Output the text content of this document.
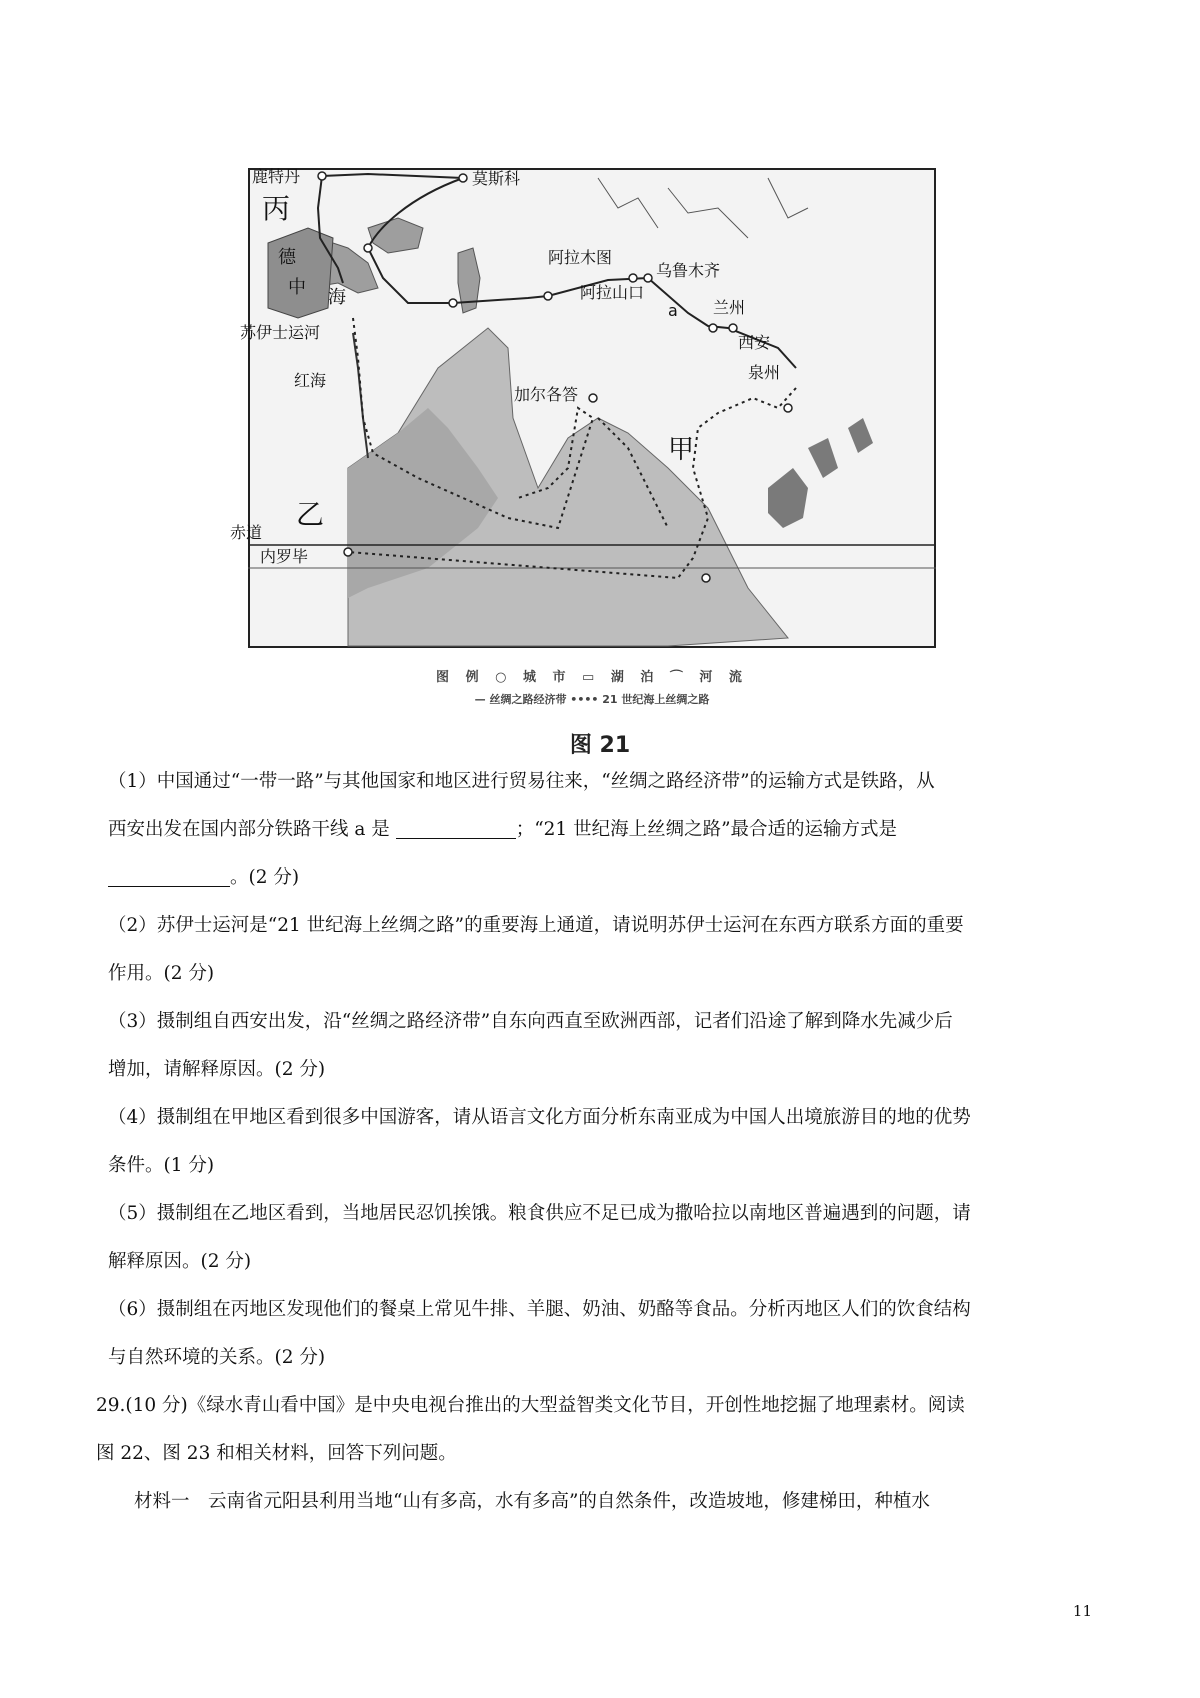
鹿特丹	莫斯科
丙
德
中 海
苏伊士运河
红海
阿拉木图
乌鲁木齐
阿拉山口
a 兰州
西安
泉州
加尔各答
甲
乙
赤道
内罗毕
图 例 ○ 城 市 ▭ 湖 泊 ⌒ 河 流
— 丝绸之路经济带 •••• 21 世纪海上丝绸之路
图 21
（1）中国通过“一带一路”与其他国家和地区进行贸易往来，“丝绸之路经济带”的运输方式是铁路，从
西安出发在国内部分铁路干线 a 是	；“21 世纪海上丝绸之路”最合适的运输方式是
。(2 分)
（2）苏伊士运河是“21 世纪海上丝绸之路”的重要海上通道，请说明苏伊士运河在东西方联系方面的重要
作用。(2 分)
（3）摄制组自西安出发，沿“丝绸之路经济带”自东向西直至欧洲西部，记者们沿途了解到降水先减少后
增加，请解释原因。(2 分)
（4）摄制组在甲地区看到很多中国游客，请从语言文化方面分析东南亚成为中国人出境旅游目的地的优势
条件。(1 分)
（5）摄制组在乙地区看到，当地居民忍饥挨饿。粮食供应不足已成为撒哈拉以南地区普遍遇到的问题，请
解释原因。(2 分)
（6）摄制组在丙地区发现他们的餐桌上常见牛排、羊腿、奶油、奶酪等食品。分析丙地区人们的饮食结构
与自然环境的关系。(2 分)
29.(10 分)《绿水青山看中国》是中央电视台推出的大型益智类文化节目，开创性地挖掘了地理素材。阅读
图 22、图 23 和相关材料，回答下列问题。
材料一　云南省元阳县利用当地“山有多高，水有多高”的自然条件，改造坡地，修建梯田，种植水
11
